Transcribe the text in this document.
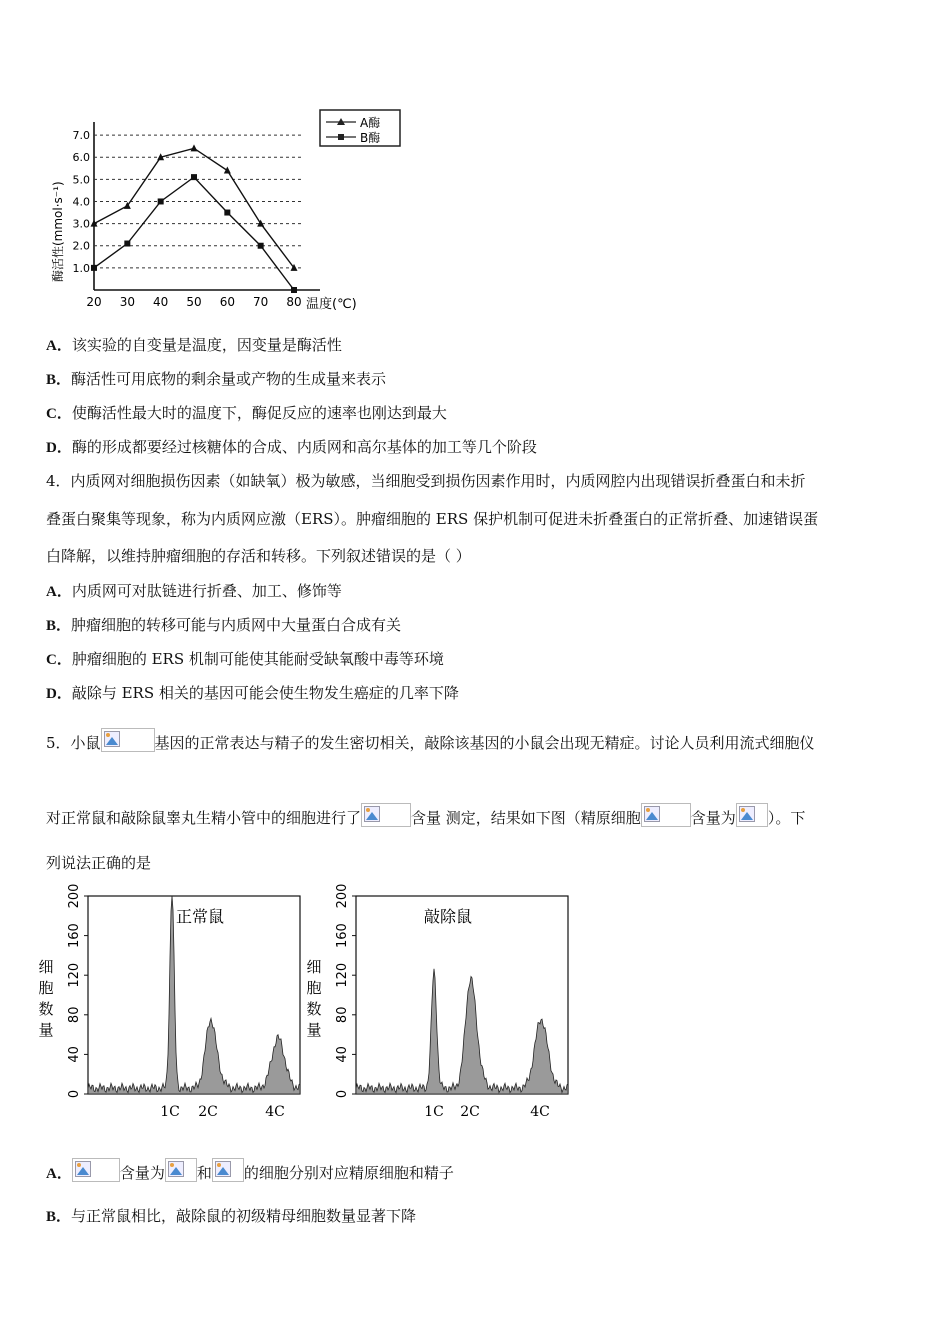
A酶
B酶
酶活性(mmol·s⁻¹)
温度(℃)
1.0
2.0
3.0
4.0
5.0
6.0
7.0
20 30 40 50 60 70 80
A．该实验的自变量是温度，因变量是酶活性
B．酶活性可用底物的剩余量或产物的生成量来表示
C．使酶活性最大时的温度下，酶促反应的速率也刚达到最大
D．酶的形成都要经过核糖体的合成、内质网和高尔基体的加工等几个阶段
4．内质网对细胞损伤因素（如缺氧）极为敏感，当细胞受到损伤因素作用时，内质网腔内出现错误折叠蛋白和未折
叠蛋白聚集等现象，称为内质网应激（ERS）。肿瘤细胞的 ERS 保护机制可促进未折叠蛋白的正常折叠、加速错误蛋
白降解，以维持肿瘤细胞的存活和转移。下列叙述错误的是（ ）
A．内质网可对肽链进行折叠、加工、修饰等
B．肿瘤细胞的转移可能与内质网中大量蛋白合成有关
C．肿瘤细胞的 ERS 机制可能使其能耐受缺氧酸中毒等环境
D．敲除与 ERS 相关的基因可能会使生物发生癌症的几率下降
5．小鼠	基因的正常表达与精子的发生密切相关，敲除该基因的小鼠会出现无精症。讨论人员利用流式细胞仪
对正常鼠和敲除鼠睾丸生精小管中的细胞进行了	含量 测定，结果如下图（精原细胞	含量为 ）。下
列说法正确的是
正常鼠	敲除鼠
0
40
80
120
160
200
细
胞
数
量
1C 2C	4C
0
40
80
120
160
200
细
胞
数
量
1C 2C	4C
A．	含量为 和 的细胞分别对应精原细胞和精子
B．与正常鼠相比，敲除鼠的初级精母细胞数量显著下降
